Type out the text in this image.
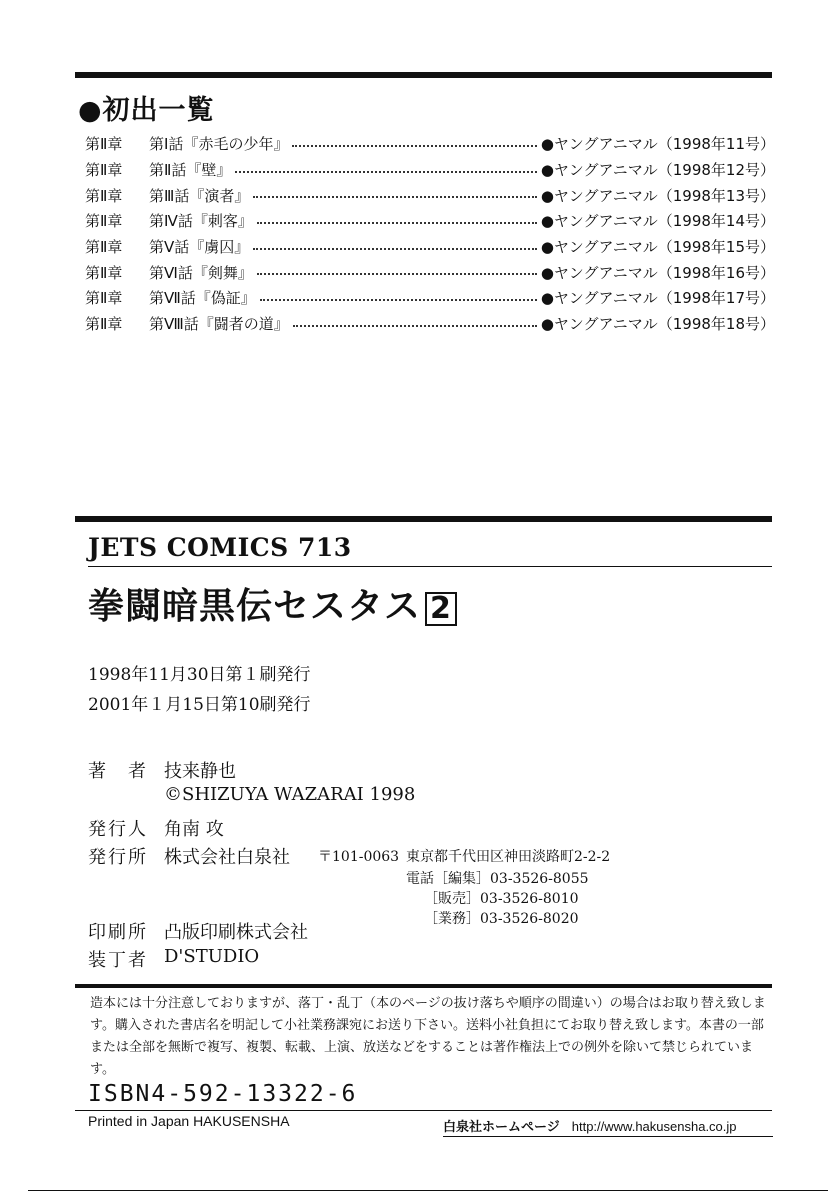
●初出一覧
第Ⅱ章	第Ⅰ話 『赤毛の少年』	●ヤングアニマル（1998年11号）
第Ⅱ章	第Ⅱ話 『壁』	●ヤングアニマル（1998年12号）
第Ⅱ章	第Ⅲ話 『演者』	●ヤングアニマル（1998年13号）
第Ⅱ章	第Ⅳ話 『刺客』	●ヤングアニマル（1998年14号）
第Ⅱ章	第Ⅴ話 『虜囚』	●ヤングアニマル（1998年15号）
第Ⅱ章	第Ⅵ話 『剣舞』	●ヤングアニマル（1998年16号）
第Ⅱ章	第Ⅶ話 『偽証』	●ヤングアニマル（1998年17号）
第Ⅱ章	第Ⅷ話 『闘者の道』	●ヤングアニマル（1998年18号）
JETS COMICS 713
拳闘暗黒伝セスタス 2
1998年11月30日第１刷発行
2001年１月15日第10刷発行
著　者 技来静也
©SHIZUYA WAZARAI 1998
発行人 角南 攻
発行所 株式会社白泉社 〒101-0063 東京都千代田区神田淡路町2-2-2
電話［編集］03-3526-8055
［販売］03-3526-8010
［業務］03-3526-8020
印刷所 凸版印刷株式会社
装丁者 D'STUDIO
造本には十分注意しておりますが、落丁・乱丁（本のページの抜け落ちや順序の間違い）の場合はお取り替え致します。購入された書店名を明記して小社業務課宛にお送り下さい。送料小社負担にてお取り替え致します。本書の一部または全部を無断で複写、複製、転載、上演、放送などをすることは著作権法上での例外を除いて禁じられています。
ISBN4-592-13322-6
Printed in Japan HAKUSENSHA	白泉社ホームページ http://www.hakusensha.co.jp
